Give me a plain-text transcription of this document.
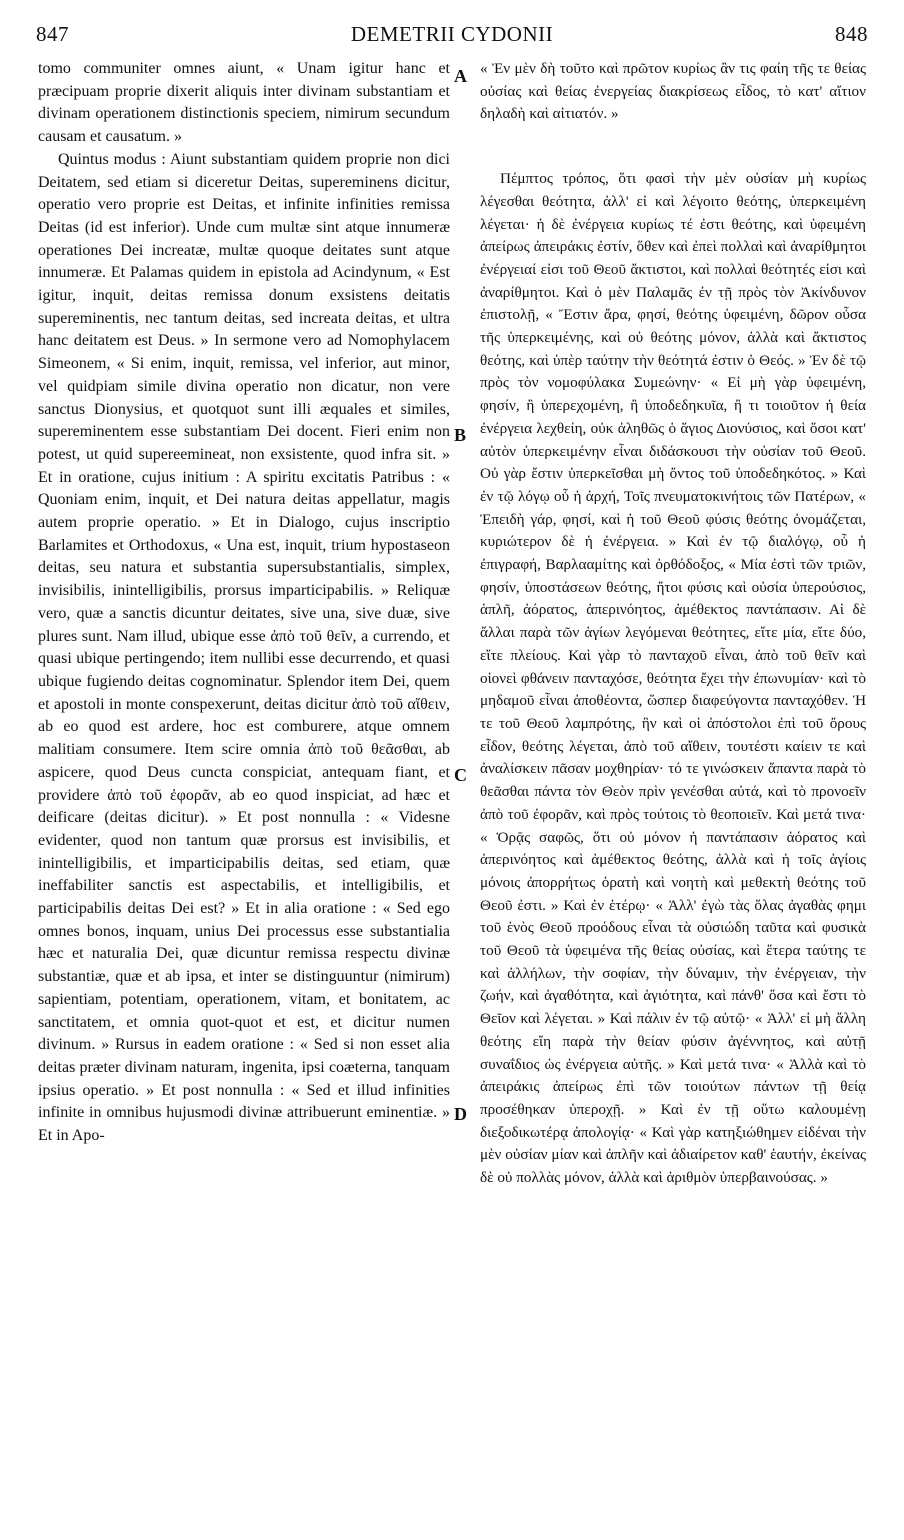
847	DEMETRII CYDONII	848

tomo communiter omnes aiunt, « Unam igitur hanc et præcipuam proprie dixerit aliquis inter divinam substantiam et divinam operationem distinctionis speciem, nimirum secundum causam et causatum. »

Quintus modus : Aiunt substantiam quidem proprie non dici Deitatem, sed etiam si diceretur Deitas, supereminens dicitur, operatio vero proprie est Deitas, et infinite infinities remissa Deitas (id est inferior). Unde cum multæ sint atque innumeræ operationes Dei increatæ, multæ quoque deitates sunt atque innumeræ. Et Palamas quidem in epistola ad Acindynum, « Est igitur, inquit, deitas remissa donum exsistens deitatis supereminentis, nec tantum deitas, sed increata deitas, et ultra hanc deitatem est Deus. » In sermone vero ad Nomophylacem Simeonem, « Si enim, inquit, remissa, vel inferior, aut minor, vel quidpiam simile divina operatio non dicatur, non vere sanctus Dionysius, et quotquot sunt illi æquales et similes, supereminentem esse substantiam Dei docent. Fieri enim non potest, ut quid supereemineat, non exsistente, quod infra sit. » Et in oratione, cujus initium : A spiritu excitatis Patribus : « Quoniam enim, inquit, et Dei natura deitas appellatur, magis autem proprie operatio. » Et in Dialogo, cujus inscriptio Barlamites et Orthodoxus, « Una est, inquit, trium hypostaseon deitas, seu natura et substantia supersubstantialis, simplex, invisibilis, inintelligibilis, prorsus imparticipabilis. » Reliquæ vero, quæ a sanctis dicuntur deitates, sive una, sive duæ, sive plures sunt. Nam illud, ubique esse ἀπὸ τοῦ θεῖν, a currendo, et quasi ubique pertingendo; item nullibi esse decurrendo, et quasi ubique fugiendo deitas cognominatur. Splendor item Dei, quem et apostoli in monte conspexerunt, deitas dicitur ἀπὸ τοῦ αἴθειν, ab eo quod est ardere, hoc est comburere, atque omnem malitiam consumere. Item scire omnia ἀπὸ τοῦ θεᾶσθαι, ab aspicere, quod Deus cuncta conspiciat, antequam fiant, et providere ἀπὸ τοῦ ἐφορᾶν, ab eo quod inspiciat, ad hæc et deificare (deitas dicitur). » Et post nonnulla : « Videsne evidenter, quod non tantum quæ prorsus est invisibilis, et inintelligibilis, et imparticipabilis deitas, sed etiam, quæ ineffabiliter sanctis est aspectabilis, et intelligibilis, et participabilis deitas Dei est? » Et in alia oratione : « Sed ego omnes bonos, inquam, unius Dei processus esse substantialia hæc et naturalia Dei, quæ dicuntur remissa respectu divinæ substantiæ, quæ et ab ipsa, et inter se distinguuntur (nimirum) sapientiam, potentiam, operationem, vitam, et bonitatem, ac sanctitatem, et omnia quot-quot et est, et dicitur numen divinum. » Rursus in eadem oratione : « Sed si non esset alia deitas præter divinam naturam, ingenita, ipsi coæterna, tanquam ipsius operatio. » Et post nonnulla : « Sed et illud infinities infinite in omnibus hujusmodi divinæ attribuerunt eminentiæ. » Et in Apo-

A
B
C
D

« Ἐν μὲν δὴ τοῦτο καὶ πρῶτον κυρίως ἂν τις φαίη τῆς τε θείας οὐσίας καὶ θείας ἐνεργείας διακρίσεως εἶδος, τὸ κατ' αἴτιον δηλαδὴ καὶ αἰτιατόν. »

Πέμπτος τρόπος, ὅτι φασὶ τὴν μὲν οὐσίαν μὴ κυρίως λέγεσθαι θεότητα, ἀλλ' εἰ καὶ λέγοιτο θεότης, ὑπερκειμένη λέγεται· ἡ δὲ ἐνέργεια κυρίως τέ ἐστι θεότης, καὶ ὑφειμένη ἀπείρως ἀπειράκις ἐστίν, ὅθεν καὶ ἐπεὶ πολλαὶ καὶ ἀναρίθμητοι ἐνέργειαί εἰσι τοῦ Θεοῦ ἄκτιστοι, καὶ πολλαὶ θεότητές εἰσι καὶ ἀναρίθμητοι. Καὶ ὁ μὲν Παλαμᾶς ἐν τῇ πρὸς τὸν Ἀκίνδυνον ἐπιστολῇ, « Ἔστιν ἄρα, φησί, θεότης ὑφειμένη, δῶρον οὖσα τῆς ὑπερκειμένης, καὶ οὐ θεότης μόνον, ἀλλὰ καὶ ἄκτιστος θεότης, καὶ ὑπὲρ ταύτην τὴν θεότητά ἐστιν ὁ Θεός. » Ἐν δὲ τῷ πρὸς τὸν νομοφύλακα Συμεώνην· « Εἰ μὴ γὰρ ὑφειμένη, φησίν, ἢ ὑπερεχομένη, ἢ ὑποδεδηκυῖα, ἢ τι τοιοῦτον ἡ θεία ἐνέργεια λεχθείη, οὐκ ἀληθῶς ὁ ἅγιος Διονύσιος, καὶ ὅσοι κατ' αὐτὸν ὑπερκειμένην εἶναι διδάσκουσι τὴν οὐσίαν τοῦ Θεοῦ. Οὐ γὰρ ἔστιν ὑπερκεῖσθαι μὴ ὄντος τοῦ ὑποδεδηκότος. » Καὶ ἐν τῷ λόγῳ οὗ ἡ ἀρχή, Τοῖς πνευματοκινήτοις τῶν Πατέρων, « Ἐπειδὴ γάρ, φησί, καὶ ἡ τοῦ Θεοῦ φύσις θεότης ὀνομάζεται, κυριώτερον δὲ ἡ ἐνέργεια. » Καὶ ἐν τῷ διαλόγῳ, οὗ ἡ ἐπιγραφή, Βαρλααμίτης καὶ ὀρθόδοξος, « Μία ἐστὶ τῶν τριῶν, φησίν, ὑποστάσεων θεότης, ἤτοι φύσις καὶ οὐσία ὑπερούσιος, ἁπλῆ, ἀόρατος, ἀπερινόητος, ἀμέθεκτος παντάπασιν. Αἱ δὲ ἄλλαι παρὰ τῶν ἁγίων λεγόμεναι θεότητες, εἴτε μία, εἴτε δύο, εἴτε πλείους. Καὶ γὰρ τὸ πανταχοῦ εἶναι, ἀπὸ τοῦ θεῖν καὶ οἱονεὶ φθάνειν πανταχόσε, θεότητα ἔχει τὴν ἐπωνυμίαν· καὶ τὸ μηδαμοῦ εἶναι ἀποθέοντα, ὥσπερ διαφεύγοντα πανταχόθεν. Ἡ τε τοῦ Θεοῦ λαμπρότης, ἣν καὶ οἱ ἀπόστολοι ἐπὶ τοῦ ὄρους εἶδον, θεότης λέγεται, ἀπὸ τοῦ αἴθειν, τουτέστι καίειν τε καὶ ἀναλίσκειν πᾶσαν μοχθηρίαν· τό τε γινώσκειν ἅπαντα παρὰ τὸ θεᾶσθαι πάντα τὸν Θεὸν πρὶν γενέσθαι αὐτά, καὶ τὸ προνοεῖν ἀπὸ τοῦ ἐφορᾶν, καὶ πρὸς τούτοις τὸ θεοποιεῖν. Καὶ μετά τινα· « Ὁρᾷς σαφῶς, ὅτι οὐ μόνον ἡ παντάπασιν ἀόρατος καὶ ἀπερινόητος καὶ ἀμέθεκτος θεότης, ἀλλὰ καὶ ἡ τοῖς ἁγίοις μόνοις ἀπορρήτως ὁρατὴ καὶ νοητὴ καὶ μεθεκτὴ θεότης τοῦ Θεοῦ ἐστι. » Καὶ ἐν ἑτέρῳ· « Ἀλλ' ἐγὼ τὰς ὅλας ἀγαθὰς φημι τοῦ ἑνὸς Θεοῦ προόδους εἶναι τὰ οὐσιώδη ταῦτα καὶ φυσικὰ τοῦ Θεοῦ τὰ ὑφειμένα τῆς θείας οὐσίας, καὶ ἕτερα ταύτης τε καὶ ἀλλήλων, τὴν σοφίαν, τὴν δύναμιν, τὴν ἐνέργειαν, τὴν ζωήν, καὶ ἀγαθότητα, καὶ ἁγιότητα, καὶ πάνθ' ὅσα καὶ ἔστι τὸ Θεῖον καὶ λέγεται. » Καὶ πάλιν ἐν τῷ αὐτῷ· « Ἀλλ' εἰ μὴ ἄλλη θεότης εἴη παρὰ τὴν θείαν φύσιν ἀγέννητος, καὶ αὐτῇ συναΐδιος ὡς ἐνέργεια αὐτῆς. » Καὶ μετά τινα· « Ἀλλὰ καὶ τὸ ἀπειράκις ἀπείρως ἐπὶ τῶν τοιούτων πάντων τῇ θείᾳ προσέθηκαν ὑπεροχῇ. » Καὶ ἐν τῇ οὕτω καλουμένῃ διεξοδικωτέρᾳ ἀπολογίᾳ· « Καὶ γὰρ κατηξιώθημεν εἰδέναι τὴν μὲν οὐσίαν μίαν καὶ ἁπλῆν καὶ ἀδιαίρετον καθ' ἑαυτήν, ἐκείνας δὲ οὐ πολλὰς μόνον, ἀλλὰ καὶ ἀριθμὸν ὑπερβαινούσας. »
